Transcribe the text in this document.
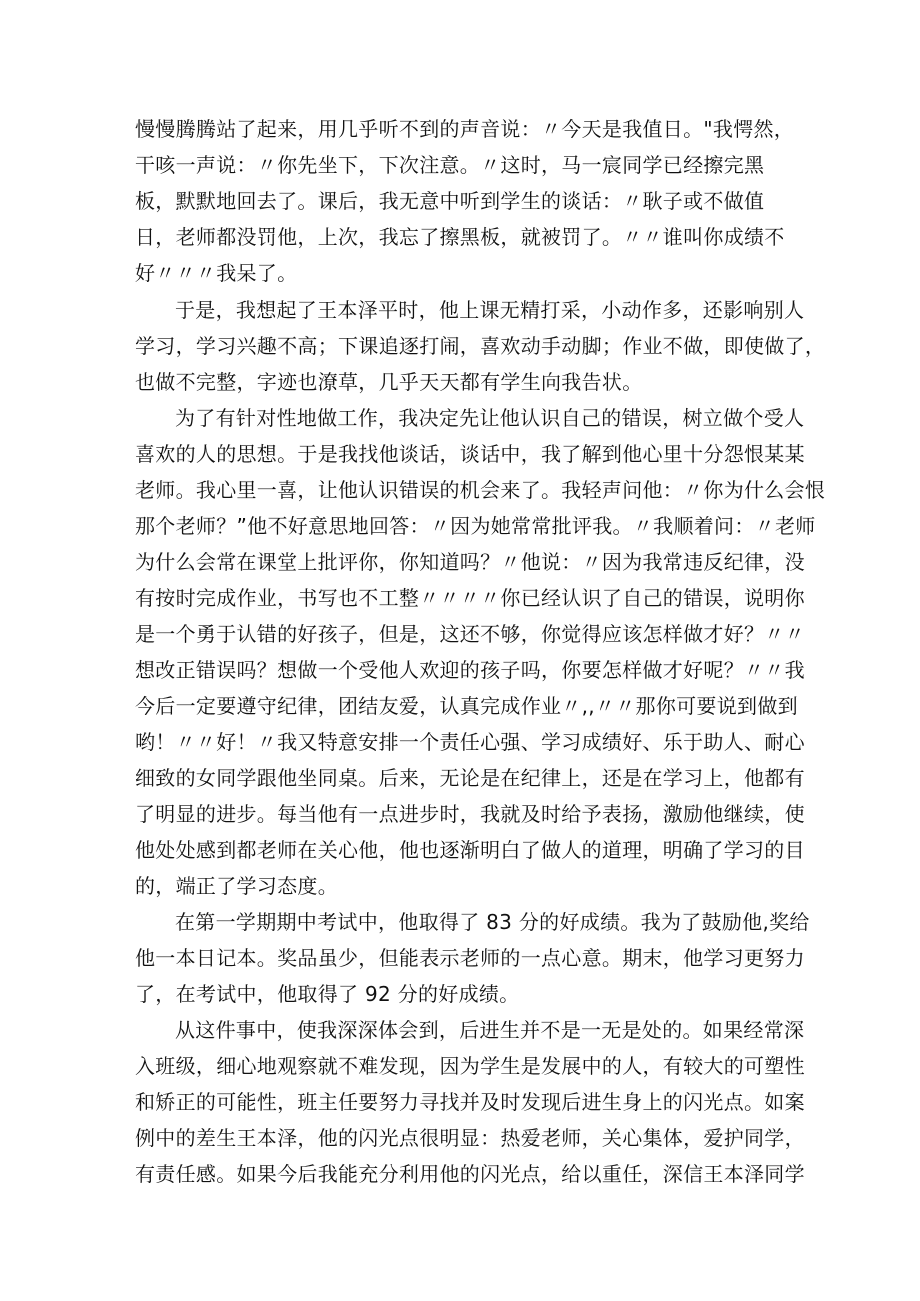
慢慢腾腾站了起来，用几乎听不到的声音说：〃今天是我值日。"我愕然，
干咳一声说：〃你先坐下，下次注意。〃这时，马一宸同学已经擦完黑
板，默默地回去了。课后，我无意中听到学生的谈话：〃耿子或不做值
日，老师都没罚他，上次，我忘了擦黑板，就被罚了。〃〃谁叫你成绩不
好〃〃〃我呆了。
于是，我想起了王本泽平时，他上课无精打采，小动作多，还影响别人
学习，学习兴趣不高；下课追逐打闹，喜欢动手动脚；作业不做，即使做了，
也做不完整，字迹也潦草，几乎天天都有学生向我告状。
为了有针对性地做工作，我决定先让他认识自己的错误，树立做个受人
喜欢的人的思想。于是我找他谈话，谈话中，我了解到他心里十分怨恨某某
老师。我心里一喜，让他认识错误的机会来了。我轻声问他：〃你为什么会恨
那个老师？”他不好意思地回答：〃因为她常常批评我。〃我顺着问：〃老师
为什么会常在课堂上批评你，你知道吗？〃他说：〃因为我常违反纪律，没
有按时完成作业，书写也不工整〃〃〃〃你已经认识了自己的错误，说明你
是一个勇于认错的好孩子，但是，这还不够，你觉得应该怎样做才好？〃〃
想改正错误吗？想做一个受他人欢迎的孩子吗，你要怎样做才好呢？〃〃我
今后一定要遵守纪律，团结友爱，认真完成作业〃,,〃〃那你可要说到做到
哟！〃〃好！〃我又特意安排一个责任心强、学习成绩好、乐于助人、耐心
细致的女同学跟他坐同桌。后来，无论是在纪律上，还是在学习上，他都有
了明显的进步。每当他有一点进步时，我就及时给予表扬，激励他继续，使
他处处感到都老师在关心他，他也逐渐明白了做人的道理，明确了学习的目
的，端正了学习态度。
在第一学期期中考试中，他取得了 83 分的好成绩。我为了鼓励他,奖给
他一本日记本。奖品虽少，但能表示老师的一点心意。期末，他学习更努力
了，在考试中，他取得了 92 分的好成绩。
从这件事中，使我深深体会到，后进生并不是一无是处的。如果经常深
入班级，细心地观察就不难发现，因为学生是发展中的人，有较大的可塑性
和矫正的可能性，班主任要努力寻找并及时发现后进生身上的闪光点。如案
例中的差生王本泽，他的闪光点很明显：热爱老师，关心集体，爱护同学，
有责任感。如果今后我能充分利用他的闪光点，给以重任，深信王本泽同学
